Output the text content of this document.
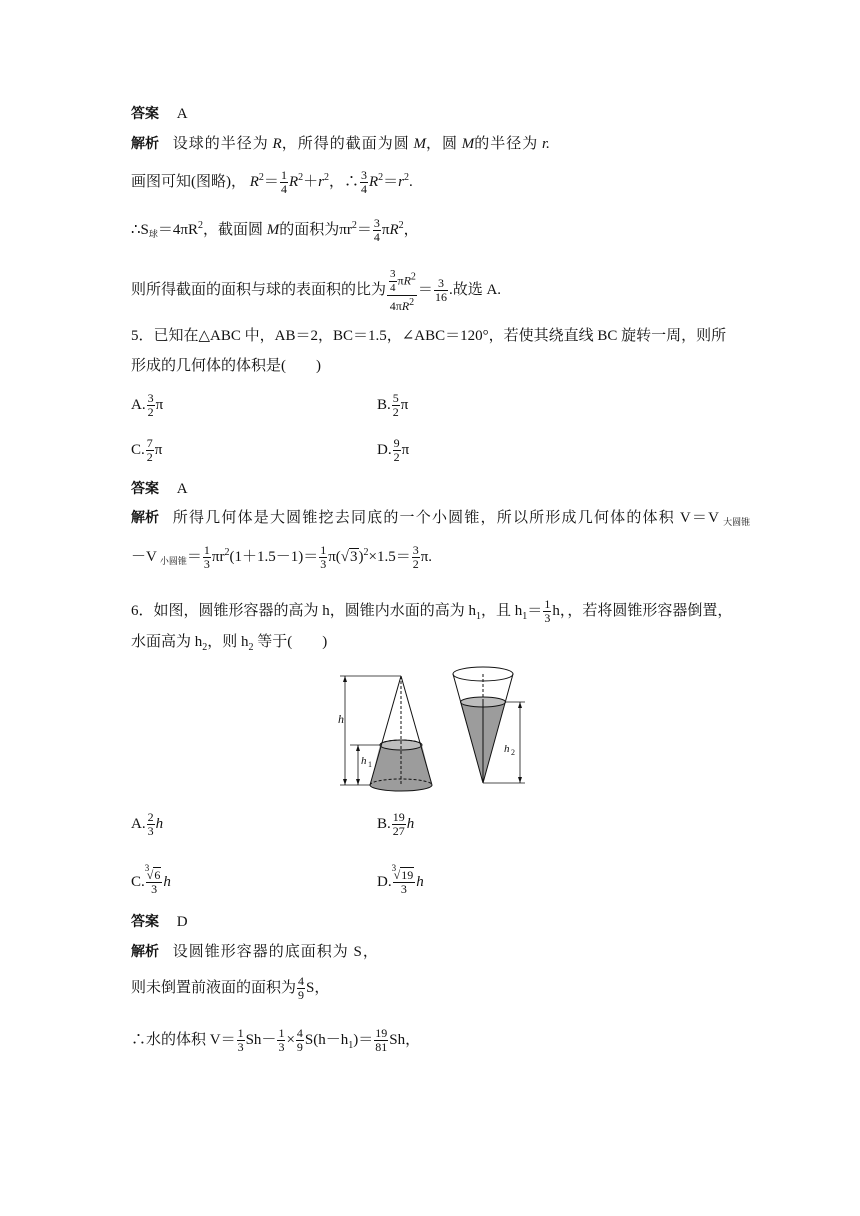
答案 A
解析 设球的半径为 R，所得的截面为圆 M，圆 M的半径为 r.
画图可知(图略)， $R^2= \frac{1}{4} R^2+r^2$，∴ $\frac{3}{4} R^2=r^2$.
$\therefore S_球=4\pi R^2$，截面圆 M的面积为$\pi r^2= \frac{3}{4} \pi R^2$，
则所得截面的面积与球的表面积的比为 $\frac{\frac{3}{4} \pi R^2}{4\pi R^2} = \frac{3}{16}$ .故选 A.
5．已知在△ABC 中，AB＝2，BC＝1.5，∠ABC＝120°，若使其绕直线 BC 旋转一周，则所
形成的几何体的体积是(　　)
A. $\frac{3}{2}$ π	B. $\frac{5}{2}$ π
C. $\frac{7}{2}$ π	D. $\frac{9}{2}$ π
答案 A
解析 所得几何体是大圆锥挖去同底的一个小圆锥，所以所形成几何体的体积 V＝V $_{大圆锥}$
－V $_{小圆锥}= \frac{1}{3} \pi r^2(1+1.5-1)= \frac{1}{3} \pi(√3)^2\times 1.5= \frac{3}{2} \pi$.
6．如图，圆锥形容器的高为 h，圆锥内水面的高为 $h_1$，且 $h_1= \frac{1}{3}$ h，，若将圆锥形容器倒置，
水面高为 $h_2$，则 $h_2$ 等于(　　)
h
h 1
h 2
A. $\frac{2}{3}$ h	B. $\frac{19}{27}$ h
C. 3
√6
3 h	D. 3
√19
3 h
答案 D
解析 设圆锥形容器的底面积为 S，
则未倒置前液面的面积为 $\frac{4}{9}$ S，
∴水的体积 $V= \frac{1}{3} Sh- \frac{1}{3} \times \frac{4}{9} S(h-h_1)= \frac{19}{81}$ Sh，
